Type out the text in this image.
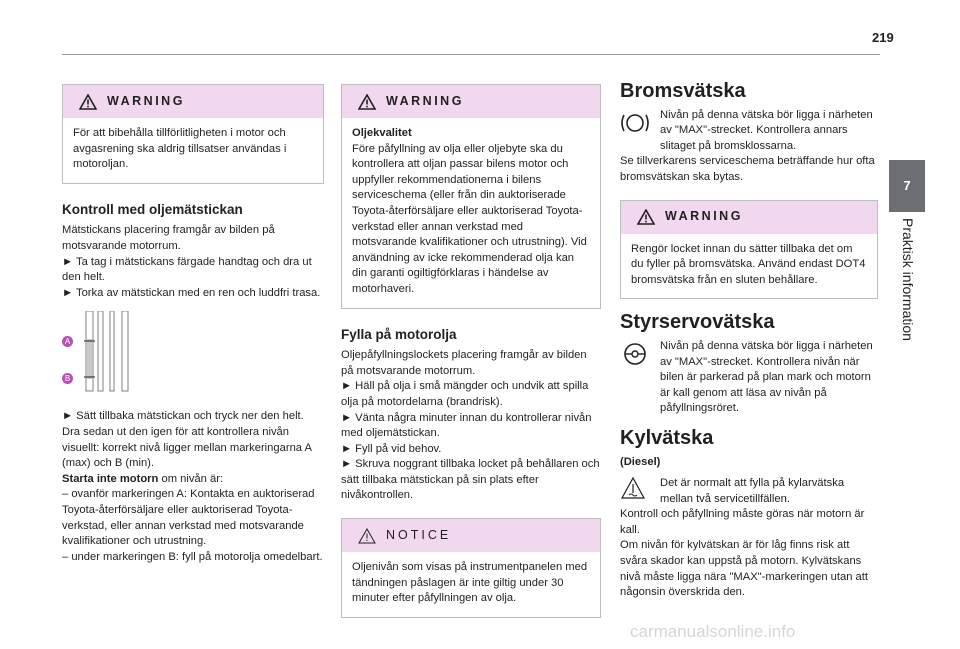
219
7
Praktisk information
WARNING
För att bibehålla tillförlitligheten i motor och avgasrening ska aldrig tillsatser användas i motoroljan.
Kontroll med oljemätstickan

Mätstickans placering framgår av bilden på motsvarande motorrum.

► Ta tag i mätstickans färgade handtag och dra ut den helt.

► Torka av mätstickan med en ren och luddfri trasa.

A
B

► Sätt tillbaka mätstickan och tryck ner den helt. Dra sedan ut den igen för att kontrollera nivån visuellt: korrekt nivå ligger mellan markeringarna A (max) och B (min).

Starta inte motorn om nivån är:

– ovanför markeringen A: Kontakta en auktoriserad Toyota-återförsäljare eller auktoriserad Toyota-verkstad, eller annan verkstad med motsvarande kvalifikationer och utrustning.

– under markeringen B: fyll på motorolja omedelbart.

WARNING

Oljekvalitet

Före påfyllning av olja eller oljebyte ska du kontrollera att oljan passar bilens motor och uppfyller rekommendationerna i bilens serviceschema (eller från din auktoriserade Toyota-återförsäljare eller auktoriserad Toyota-verkstad eller annan verkstad med motsvarande kvalifikationer och utrustning). Vid användning av icke rekommenderad olja kan din garanti ogiltigförklaras i händelse av motorhaveri.

Fylla på motorolja

Oljepåfyllningslockets placering framgår av bilden på motsvarande motorrum.

► Häll på olja i små mängder och undvik att spilla olja på motordelarna (brandrisk).

► Vänta några minuter innan du kontrollerar nivån med oljemätstickan.

► Fyll på vid behov.

► Skruva noggrant tillbaka locket på behållaren och sätt tillbaka mätstickan på sin plats efter nivåkontrollen.

NOTICE
Oljenivån som visas på instrumentpanelen med tändningen påslagen är inte giltig under 30 minuter efter påfyllningen av olja.
Bromsvätska

Nivån på denna vätska bör ligga i närheten av "MAX"-strecket. Kontrollera annars slitaget på bromsklossarna.

Se tillverkarens serviceschema beträffande hur ofta bromsvätskan ska bytas.

WARNING
Rengör locket innan du sätter tillbaka det om du fyller på bromsvätska. Använd endast DOT4 bromsvätska från en sluten behållare.
Styrservovätska

Nivån på denna vätska bör ligga i närheten av "MAX"-strecket. Kontrollera nivån när bilen är parkerad på plan mark och motorn är kall genom att läsa av nivån på påfyllningsröret.

Kylvätska

(Diesel)

Det är normalt att fylla på kylarvätska mellan två servicetillfällen.

Kontroll och påfyllning måste göras när motorn är kall.

Om nivån för kylvätskan är för låg finns risk att svåra skador kan uppstå på motorn. Kylvätskans nivå måste ligga nära "MAX"-markeringen utan att någonsin överskrida den.

carmanualsonline.info
